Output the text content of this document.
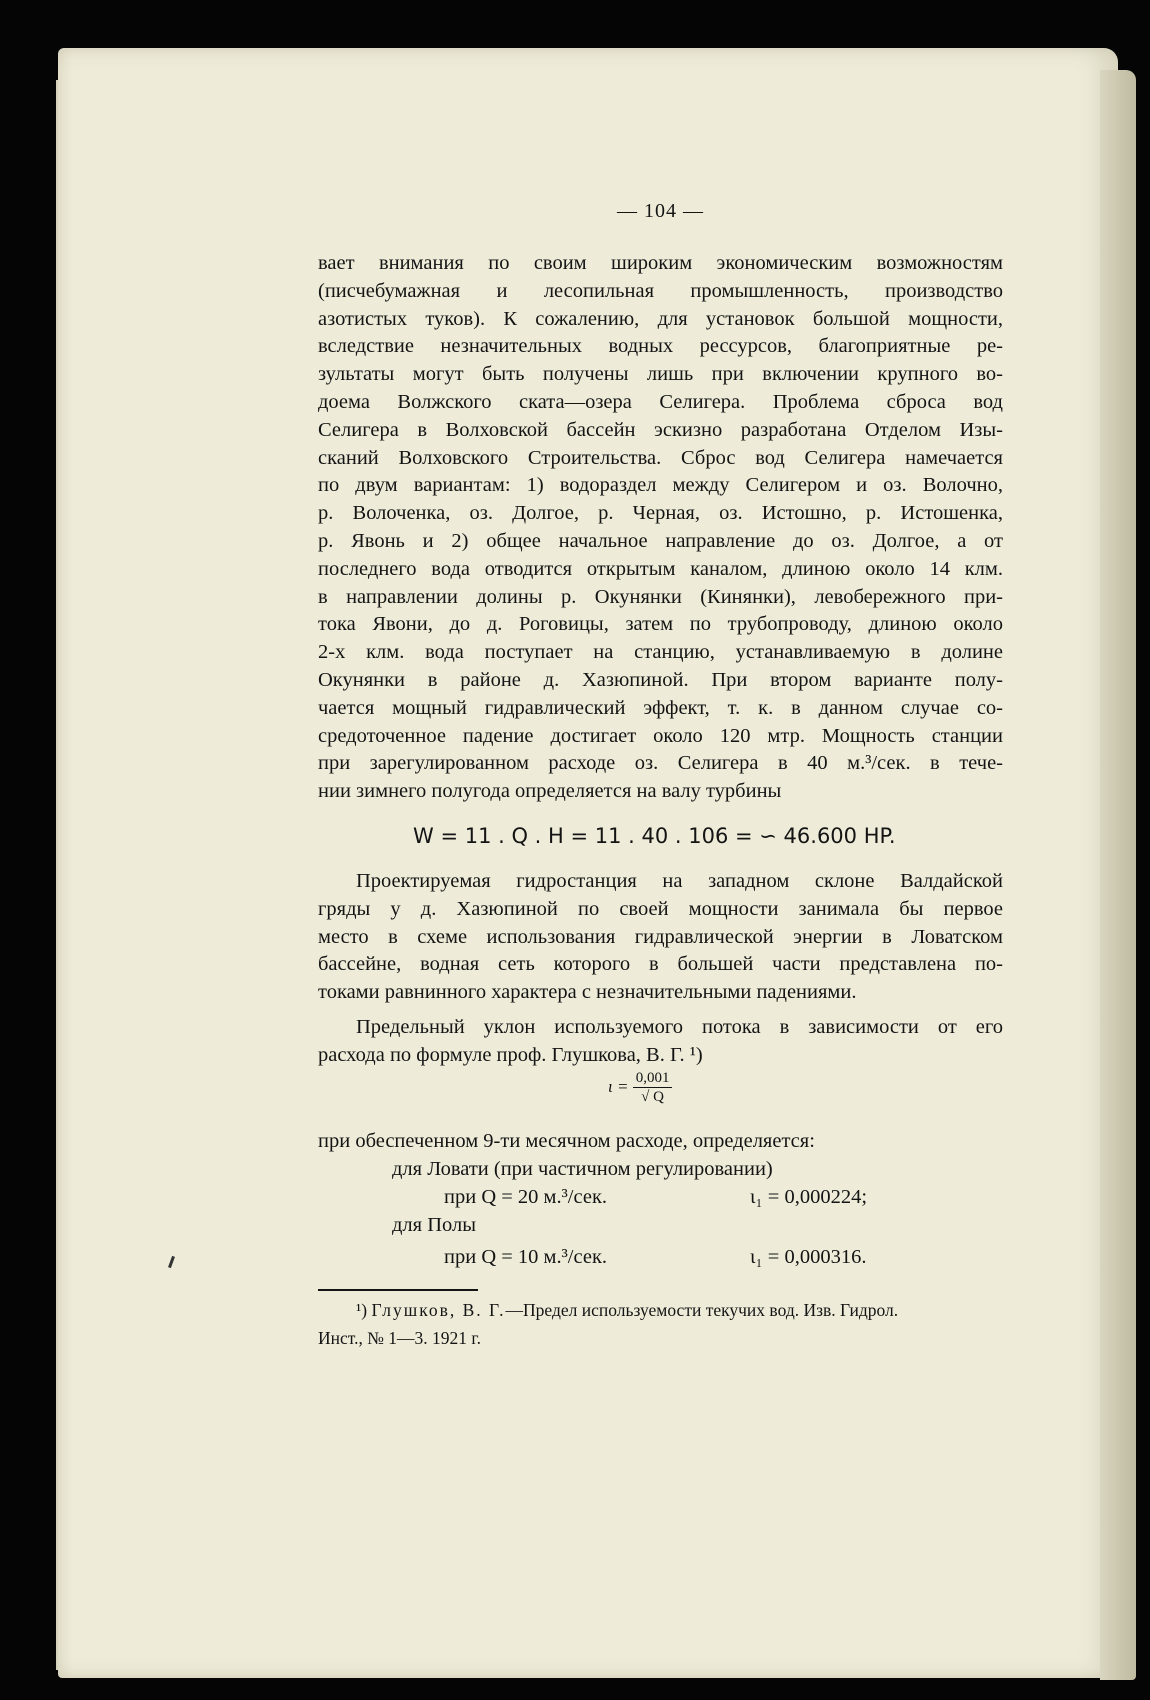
— 104 —
вает внимания по своим широким экономическим возможностям
(писчебумажная и лесопильная промышленность, производство
азотистых туков). К сожалению, для установок большой мощности,
вследствие незначительных водных рессурсов, благоприятные ре-
зультаты могут быть получены лишь при включении крупного во-
доема Волжского ската—озера Селигера. Проблема сброса вод
Селигера в Волховской бассейн эскизно разработана Отделом Изы-
сканий Волховского Строительства. Сброс вод Селигера намечается
по двум вариантам: 1) водораздел между Селигером и оз. Волочно,
р. Волоченка, оз. Долгое, р. Черная, оз. Истошно, р. Истошенка,
р. Явонь и 2) общее начальное направление до оз. Долгое, а от
последнего вода отводится открытым каналом, длиною около 14 клм.
в направлении долины р. Окунянки (Кинянки), левобережного при-
тока Явони, до д. Роговицы, затем по трубопроводу, длиною около
2-х клм. вода поступает на станцию, устанавливаемую в долине
Окунянки в районе д. Хазюпиной. При втором варианте полу-
чается мощный гидравлический эффект, т. к. в данном случае со-
средоточенное падение достигает около 120 мтр. Мощность станции
при зарегулированном расходе оз. Селигера в 40 м.³/сек. в тече-
нии зимнего полугода определяется на валу турбины
W = 11 . Q . H = 11 . 40 . 106 = ∽ 46.600 HP.
Проектируемая гидростанция на западном склоне Валдайской
гряды у д. Хазюпиной по своей мощности занимала бы первое
место в схеме использования гидравлической энергии в Ловатском
бассейне, водная сеть которого в большей части представлена по-
токами равнинного характера с незначительными падениями.
Предельный уклон используемого потока в зависимости от его
расхода по формуле проф. Глушкова, В. Г. ¹)
$\iota = \frac{0,001}{√ Q}$
при обеспеченном 9-ти месячном расходе, определяется:
для Ловати (при частичном регулировании)
при Q = 20 м.³/сек.	ι₁ = 0,000224;
для Полы
при Q = 10 м.³/сек.	ι₁ = 0,000316.
¹) Глушков, В. Г.—Предел используемости текучих вод. Изв. Гидрол.
Инст., № 1—3. 1921 г.
